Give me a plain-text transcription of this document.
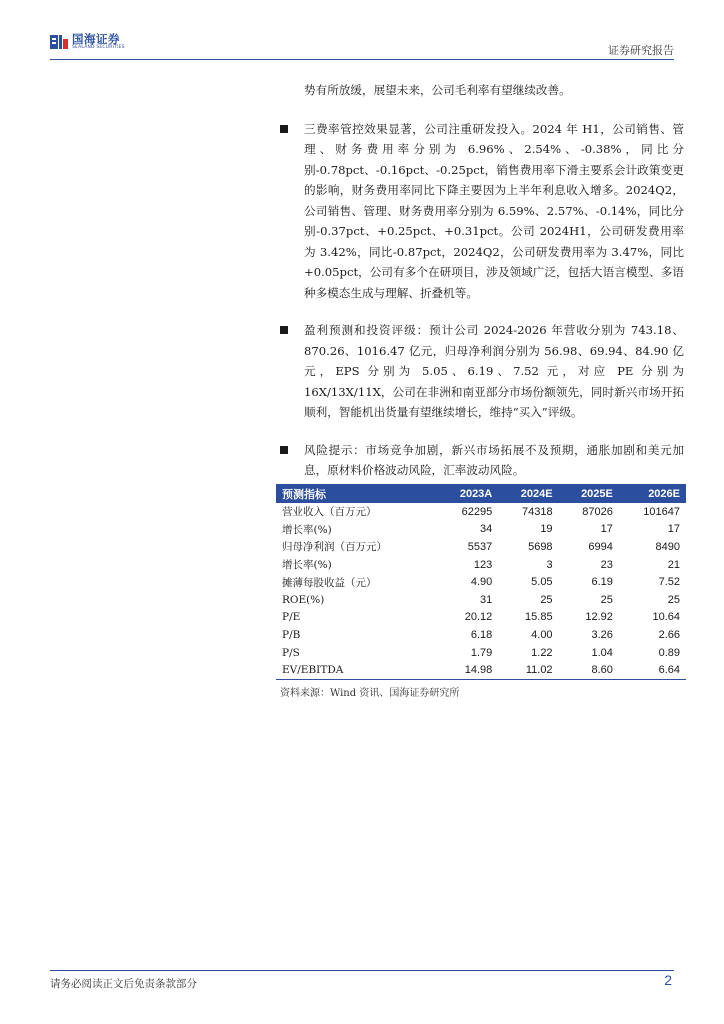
国海证券
SEALAND SECURITIES	证券研究报告
势有所放缓，展望未来，公司毛利率有望继续改善。
三费率管控效果显著，公司注重研发投入。2024 年 H1，公司销售、管理、财务费用率分别为 6.96%、2.54%、-0.38%，同比分别-0.78pct、-0.16pct、-0.25pct，销售费用率下滑主要系会计政策变更的影响，财务费用率同比下降主要因为上半年利息收入增多。2024Q2，公司销售、管理、财务费用率分别为 6.59%、2.57%、-0.14%，同比分别-0.37pct、+0.25pct、+0.31pct。公司 2024H1，公司研发费用率为 3.42%，同比-0.87pct，2024Q2，公司研发费用率为 3.47%，同比+0.05pct，公司有多个在研项目，涉及领域广泛，包括大语言模型、多语种多模态生成与理解、折叠机等。
盈利预测和投资评级：预计公司 2024-2026 年营收分别为 743.18、870.26、1016.47 亿元，归母净利润分别为 56.98、69.94、84.90 亿元，EPS 分别为 5.05、6.19、7.52 元，对应 PE 分别为 16X/13X/11X，公司在非洲和南亚部分市场份额领先，同时新兴市场开拓顺利，智能机出货量有望继续增长，维持“买入”评级。
风险提示：市场竞争加剧，新兴市场拓展不及预期，通胀加剧和美元加息，原材料价格波动风险，汇率波动风险。
预测指标	2023A	2024E	2025E	2026E
营业收入（百万元）	62295	74318	87026	101647
增长率(%)	34	19	17	17
归母净利润（百万元）	5537	5698	6994	8490
增长率(%)	123	3	23	21
摊薄每股收益（元）	4.90	5.05	6.19	7.52
ROE(%)	31	25	25	25
P/E	20.12	15.85	12.92	10.64
P/B	6.18	4.00	3.26	2.66
P/S	1.79	1.22	1.04	0.89
EV/EBITDA	14.98	11.02	8.60	6.64
资料来源：Wind 资讯、国海证券研究所
请务必阅读正文后免责条款部分	2
